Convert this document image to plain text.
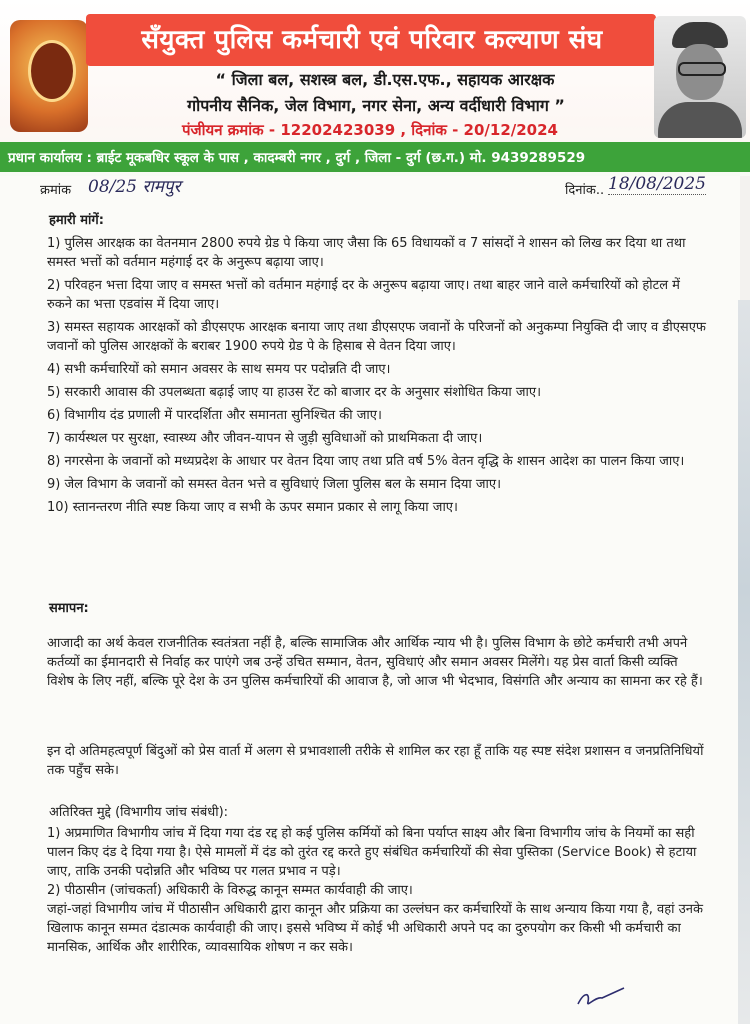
सँयुक्त पुलिस कर्मचारी एवं परिवार कल्याण संघ
“ जिला बल, सशस्त्र बल, डी.एस.एफ., सहायक आरक्षक
गोपनीय सैनिक, जेल विभाग, नगर सेना, अन्य वर्दीधारी विभाग ”
पंजीयन क्रमांक - 12202423039 , दिनांक - 20/12/2024
प्रधान कार्यालय : ब्राईट मूकबधिर स्कूल के पास , कादम्बरी नगर , दुर्ग , जिला - दुर्ग (छ.ग.) मो. 9439289529
क्रमांक 08/25 रामपुर	दिनांक.. 18/08/2025
हमारी मांगें:

1) पुलिस आरक्षक का वेतनमान 2800 रुपये ग्रेड पे किया जाए जैसा कि 65 विधायकों व 7 सांसदों ने शासन को लिख कर दिया था तथा समस्त भत्तों को वर्तमान महंगाई दर के अनुरूप बढ़ाया जाए।

2) परिवहन भत्ता दिया जाए व समस्त भत्तों को वर्तमान महंगाई दर के अनुरूप बढ़ाया जाए। तथा बाहर जाने वाले कर्मचारियों को होटल में रुकने का भत्ता एडवांस में दिया जाए।

3) समस्त सहायक आरक्षकों को डीएसएफ आरक्षक बनाया जाए तथा डीएसएफ जवानों के परिजनों को अनुकम्पा नियुक्ति दी जाए व डीएसएफ जवानों को पुलिस आरक्षकों के बराबर 1900 रुपये ग्रेड पे के हिसाब से वेतन दिया जाए।

4) सभी कर्मचारियों को समान अवसर के साथ समय पर पदोन्नति दी जाए।

5) सरकारी आवास की उपलब्धता बढ़ाई जाए या हाउस रेंट को बाजार दर के अनुसार संशोधित किया जाए।

6) विभागीय दंड प्रणाली में पारदर्शिता और समानता सुनिश्चित की जाए।

7) कार्यस्थल पर सुरक्षा, स्वास्थ्य और जीवन-यापन से जुड़ी सुविधाओं को प्राथमिकता दी जाए।

8) नगरसेना के जवानों को मध्यप्रदेश के आधार पर वेतन दिया जाए तथा प्रति वर्ष 5% वेतन वृद्धि के शासन आदेश का पालन किया जाए।

9) जेल विभाग के जवानों को समस्त वेतन भत्ते व सुविधाएं जिला पुलिस बल के समान दिया जाए।

10) स्तानन्तरण नीति स्पष्ट किया जाए व सभी के ऊपर समान प्रकार से लागू किया जाए।

समापन:

आजादी का अर्थ केवल राजनीतिक स्वतंत्रता नहीं है, बल्कि सामाजिक और आर्थिक न्याय भी है। पुलिस विभाग के छोटे कर्मचारी तभी अपने कर्तव्यों का ईमानदारी से निर्वाह कर पाएंगे जब उन्हें उचित सम्मान, वेतन, सुविधाएं और समान अवसर मिलेंगे। यह प्रेस वार्ता किसी व्यक्ति विशेष के लिए नहीं, बल्कि पूरे देश के उन पुलिस कर्मचारियों की आवाज है, जो आज भी भेदभाव, विसंगति और अन्याय का सामना कर रहे हैं।

इन दो अतिमहत्वपूर्ण बिंदुओं को प्रेस वार्ता में अलग से प्रभावशाली तरीके से शामिल कर रहा हूँ ताकि यह स्पष्ट संदेश प्रशासन व जनप्रतिनिधियों तक पहुँच सके।

अतिरिक्त मुद्दे (विभागीय जांच संबंधी):

1) अप्रमाणित विभागीय जांच में दिया गया दंड रद्द हो कई पुलिस कर्मियों को बिना पर्याप्त साक्ष्य और बिना विभागीय जांच के नियमों का सही पालन किए दंड दे दिया गया है। ऐसे मामलों में दंड को तुरंत रद्द करते हुए संबंधित कर्मचारियों की सेवा पुस्तिका (Service Book) से हटाया जाए, ताकि उनकी पदोन्नति और भविष्य पर गलत प्रभाव न पड़े।

2) पीठासीन (जांचकर्ता) अधिकारी के विरुद्ध कानून सम्मत कार्यवाही की जाए।

जहां-जहां विभागीय जांच में पीठासीन अधिकारी द्वारा कानून और प्रक्रिया का उल्लंघन कर कर्मचारियों के साथ अन्याय किया गया है, वहां उनके खिलाफ कानून सम्मत दंडात्मक कार्यवाही की जाए। इससे भविष्य में कोई भी अधिकारी अपने पद का दुरुपयोग कर किसी भी कर्मचारी का मानसिक, आर्थिक और शारीरिक, व्यावसायिक शोषण न कर सके।
